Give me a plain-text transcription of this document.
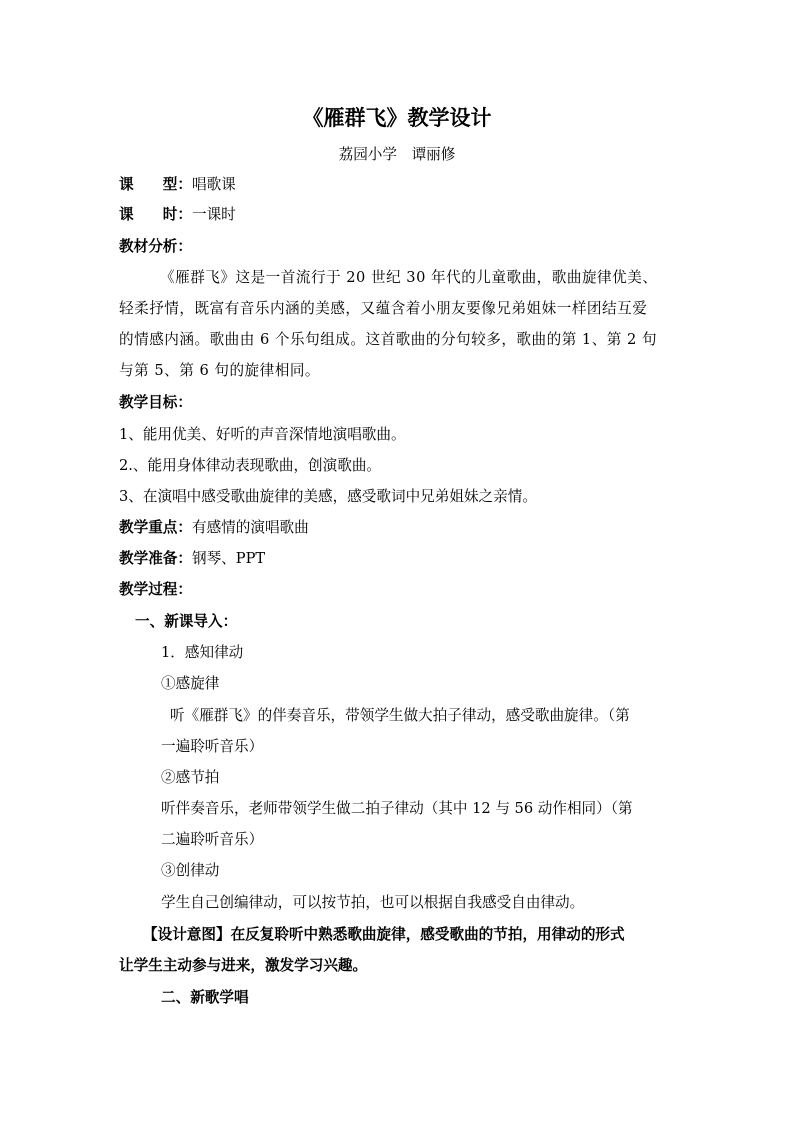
《雁群飞》教学设计
荔园小学　谭丽修
课　　型：唱歌课
课　　时：一课时
教材分析：
《雁群飞》这是一首流行于 20 世纪 30 年代的儿童歌曲，歌曲旋律优美、
轻柔抒情，既富有音乐内涵的美感，又蕴含着小朋友要像兄弟姐妹一样团结互爱
的情感内涵。歌曲由 6 个乐句组成。这首歌曲的分句较多，歌曲的第 1、第 2 句
与第 5、第 6 句的旋律相同。
教学目标：
1、能用优美、好听的声音深情地演唱歌曲。
2.、能用身体律动表现歌曲，创演歌曲。
3、在演唱中感受歌曲旋律的美感，感受歌词中兄弟姐妹之亲情。
教学重点：有感情的演唱歌曲
教学准备：钢琴、PPT
教学过程：
一、新课导入：
1．感知律动
①感旋律
听《雁群飞》的伴奏音乐，带领学生做大拍子律动，感受歌曲旋律。（第
一遍聆听音乐）
②感节拍
听伴奏音乐，老师带领学生做二拍子律动（其中 12 与 56 动作相同）（第
二遍聆听音乐）
③创律动
学生自己创编律动，可以按节拍，也可以根据自我感受自由律动。
【设计意图】在反复聆听中熟悉歌曲旋律，感受歌曲的节拍，用律动的形式
让学生主动参与进来，激发学习兴趣。
二、新歌学唱
